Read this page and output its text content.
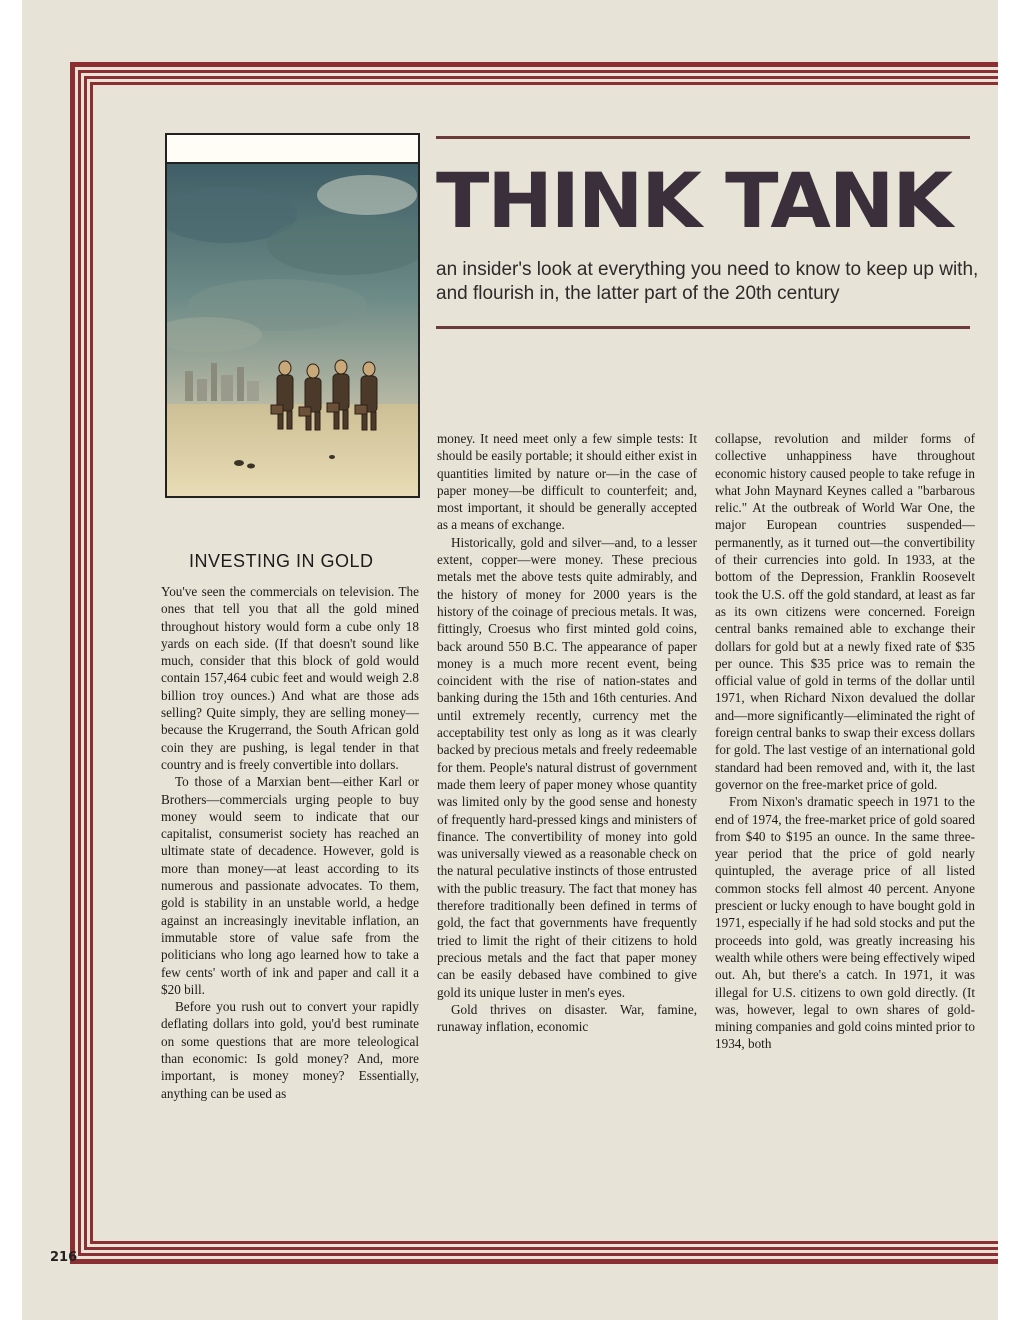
THINK TANK
an insider's look at everything you need to know to keep up with, and flourish in, the latter part of the 20th century
INVESTING IN GOLD

You've seen the commercials on television. The ones that tell you that all the gold mined throughout history would form a cube only 18 yards on each side. (If that doesn't sound like much, consider that this block of gold would contain 157,464 cubic feet and would weigh 2.8 billion troy ounces.) And what are those ads selling? Quite simply, they are selling money—because the Krugerrand, the South African gold coin they are pushing, is legal tender in that country and is freely convertible into dollars.

To those of a Marxian bent—either Karl or Brothers—commercials urging people to buy money would seem to indicate that our capitalist, consumerist society has reached an ultimate state of decadence. However, gold is more than money—at least according to its numerous and passionate advocates. To them, gold is stability in an unstable world, a hedge against an increasingly inevitable inflation, an immutable store of value safe from the politicians who long ago learned how to take a few cents' worth of ink and paper and call it a $20 bill.

Before you rush out to convert your rapidly deflating dollars into gold, you'd best ruminate on some questions that are more teleological than economic: Is gold money? And, more important, is money money? Essentially, anything can be used as

money. It need meet only a few simple tests: It should be easily portable; it should either exist in quantities limited by nature or—in the case of paper money—be difficult to counterfeit; and, most important, it should be generally accepted as a means of exchange.

Historically, gold and silver—and, to a lesser extent, copper—were money. These precious metals met the above tests quite admirably, and the history of money for 2000 years is the history of the coinage of precious metals. It was, fittingly, Croesus who first minted gold coins, back around 550 B.C. The appearance of paper money is a much more recent event, being coincident with the rise of nation-states and banking during the 15th and 16th centuries. And until extremely recently, currency met the acceptability test only as long as it was clearly backed by precious metals and freely redeemable for them. People's natural distrust of government made them leery of paper money whose quantity was limited only by the good sense and honesty of frequently hard-pressed kings and ministers of finance. The convertibility of money into gold was universally viewed as a reasonable check on the natural peculative instincts of those entrusted with the public treasury. The fact that money has therefore traditionally been defined in terms of gold, the fact that governments have frequently tried to limit the right of their citizens to hold precious metals and the fact that paper money can be easily debased have combined to give gold its unique luster in men's eyes.

Gold thrives on disaster. War, famine, runaway inflation, economic

collapse, revolution and milder forms of collective unhappiness have throughout economic history caused people to take refuge in what John Maynard Keynes called a "barbarous relic." At the outbreak of World War One, the major European countries suspended—permanently, as it turned out—the convertibility of their currencies into gold. In 1933, at the bottom of the Depression, Franklin Roosevelt took the U.S. off the gold standard, at least as far as its own citizens were concerned. Foreign central banks remained able to exchange their dollars for gold but at a newly fixed rate of $35 per ounce. This $35 price was to remain the official value of gold in terms of the dollar until 1971, when Richard Nixon devalued the dollar and—more significantly—eliminated the right of foreign central banks to swap their excess dollars for gold. The last vestige of an international gold standard had been removed and, with it, the last governor on the free-market price of gold.

From Nixon's dramatic speech in 1971 to the end of 1974, the free-market price of gold soared from $40 to $195 an ounce. In the same three-year period that the price of gold nearly quintupled, the average price of all listed common stocks fell almost 40 percent. Anyone prescient or lucky enough to have bought gold in 1971, especially if he had sold stocks and put the proceeds into gold, was greatly increasing his wealth while others were being effectively wiped out. Ah, but there's a catch. In 1971, it was illegal for U.S. citizens to own gold directly. (It was, however, legal to own shares of gold-mining companies and gold coins minted prior to 1934, both

216
